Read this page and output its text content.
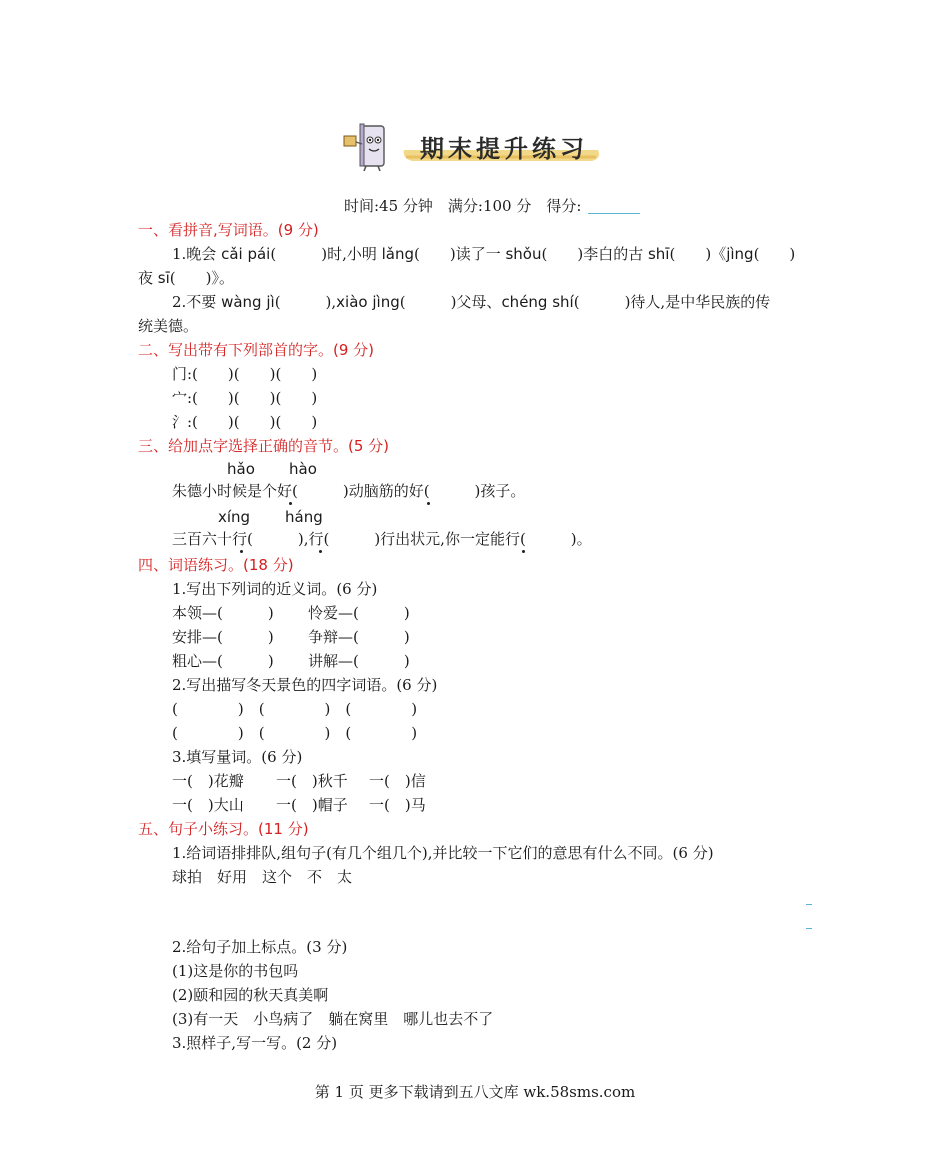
期末提升练习
时间:45 分钟　满分:100 分　得分:
一、看拼音,写词语。(9 分)
1.晚会 cǎi pái(　　　)时,小明 lǎng(　　)读了一 shǒu(　　)李白的古 shī(　　)《jìng(　　)
夜 sī(　　)》。
2.不要 wàng jì(　　　),xiào jìng(　　　)父母、chéng shí(　　　)待人,是中华民族的传
统美德。
二、写出带有下列部首的字。(9 分)
门:(　　)(　　)(　　)
宀:(　　)(　　)(　　)
氵:(　　)(　　)(　　)
三、给加点字选择正确的音节。(5 分)
hǎo hào
朱德小时候是个好(　　　)动脑筋的好(　　　)孩子。
xíng háng
三百六十行(　　　),行(　　　)行出状元,你一定能行(　　　)。
四、词语练习。(18 分)
1.写出下列词的近义词。(6 分)
本领—(　　　) 怜爱—(　　　)
安排—(　　　) 争辩—(　　　)
粗心—(　　　) 讲解—(　　　)
2.写出描写冬天景色的四字词语。(6 分)
(　　　　)　(　　　　)　(　　　　)
(　　　　)　(　　　　)　(　　　　)
3.填写量词。(6 分)
一(　)花瓣 一(　)秋千 一(　)信
一(　)大山 一(　)帽子 一(　)马
五、句子小练习。(11 分)
1.给词语排排队,组句子(有几个组几个),并比较一下它们的意思有什么不同。(6 分)
球拍　好用　这个　不　太
2.给句子加上标点。(3 分)
(1)这是你的书包吗
(2)颐和园的秋天真美啊
(3)有一天　小鸟病了　躺在窝里　哪儿也去不了
3.照样子,写一写。(2 分)
第 1 页 更多下载请到五八文库 wk.58sms.com
